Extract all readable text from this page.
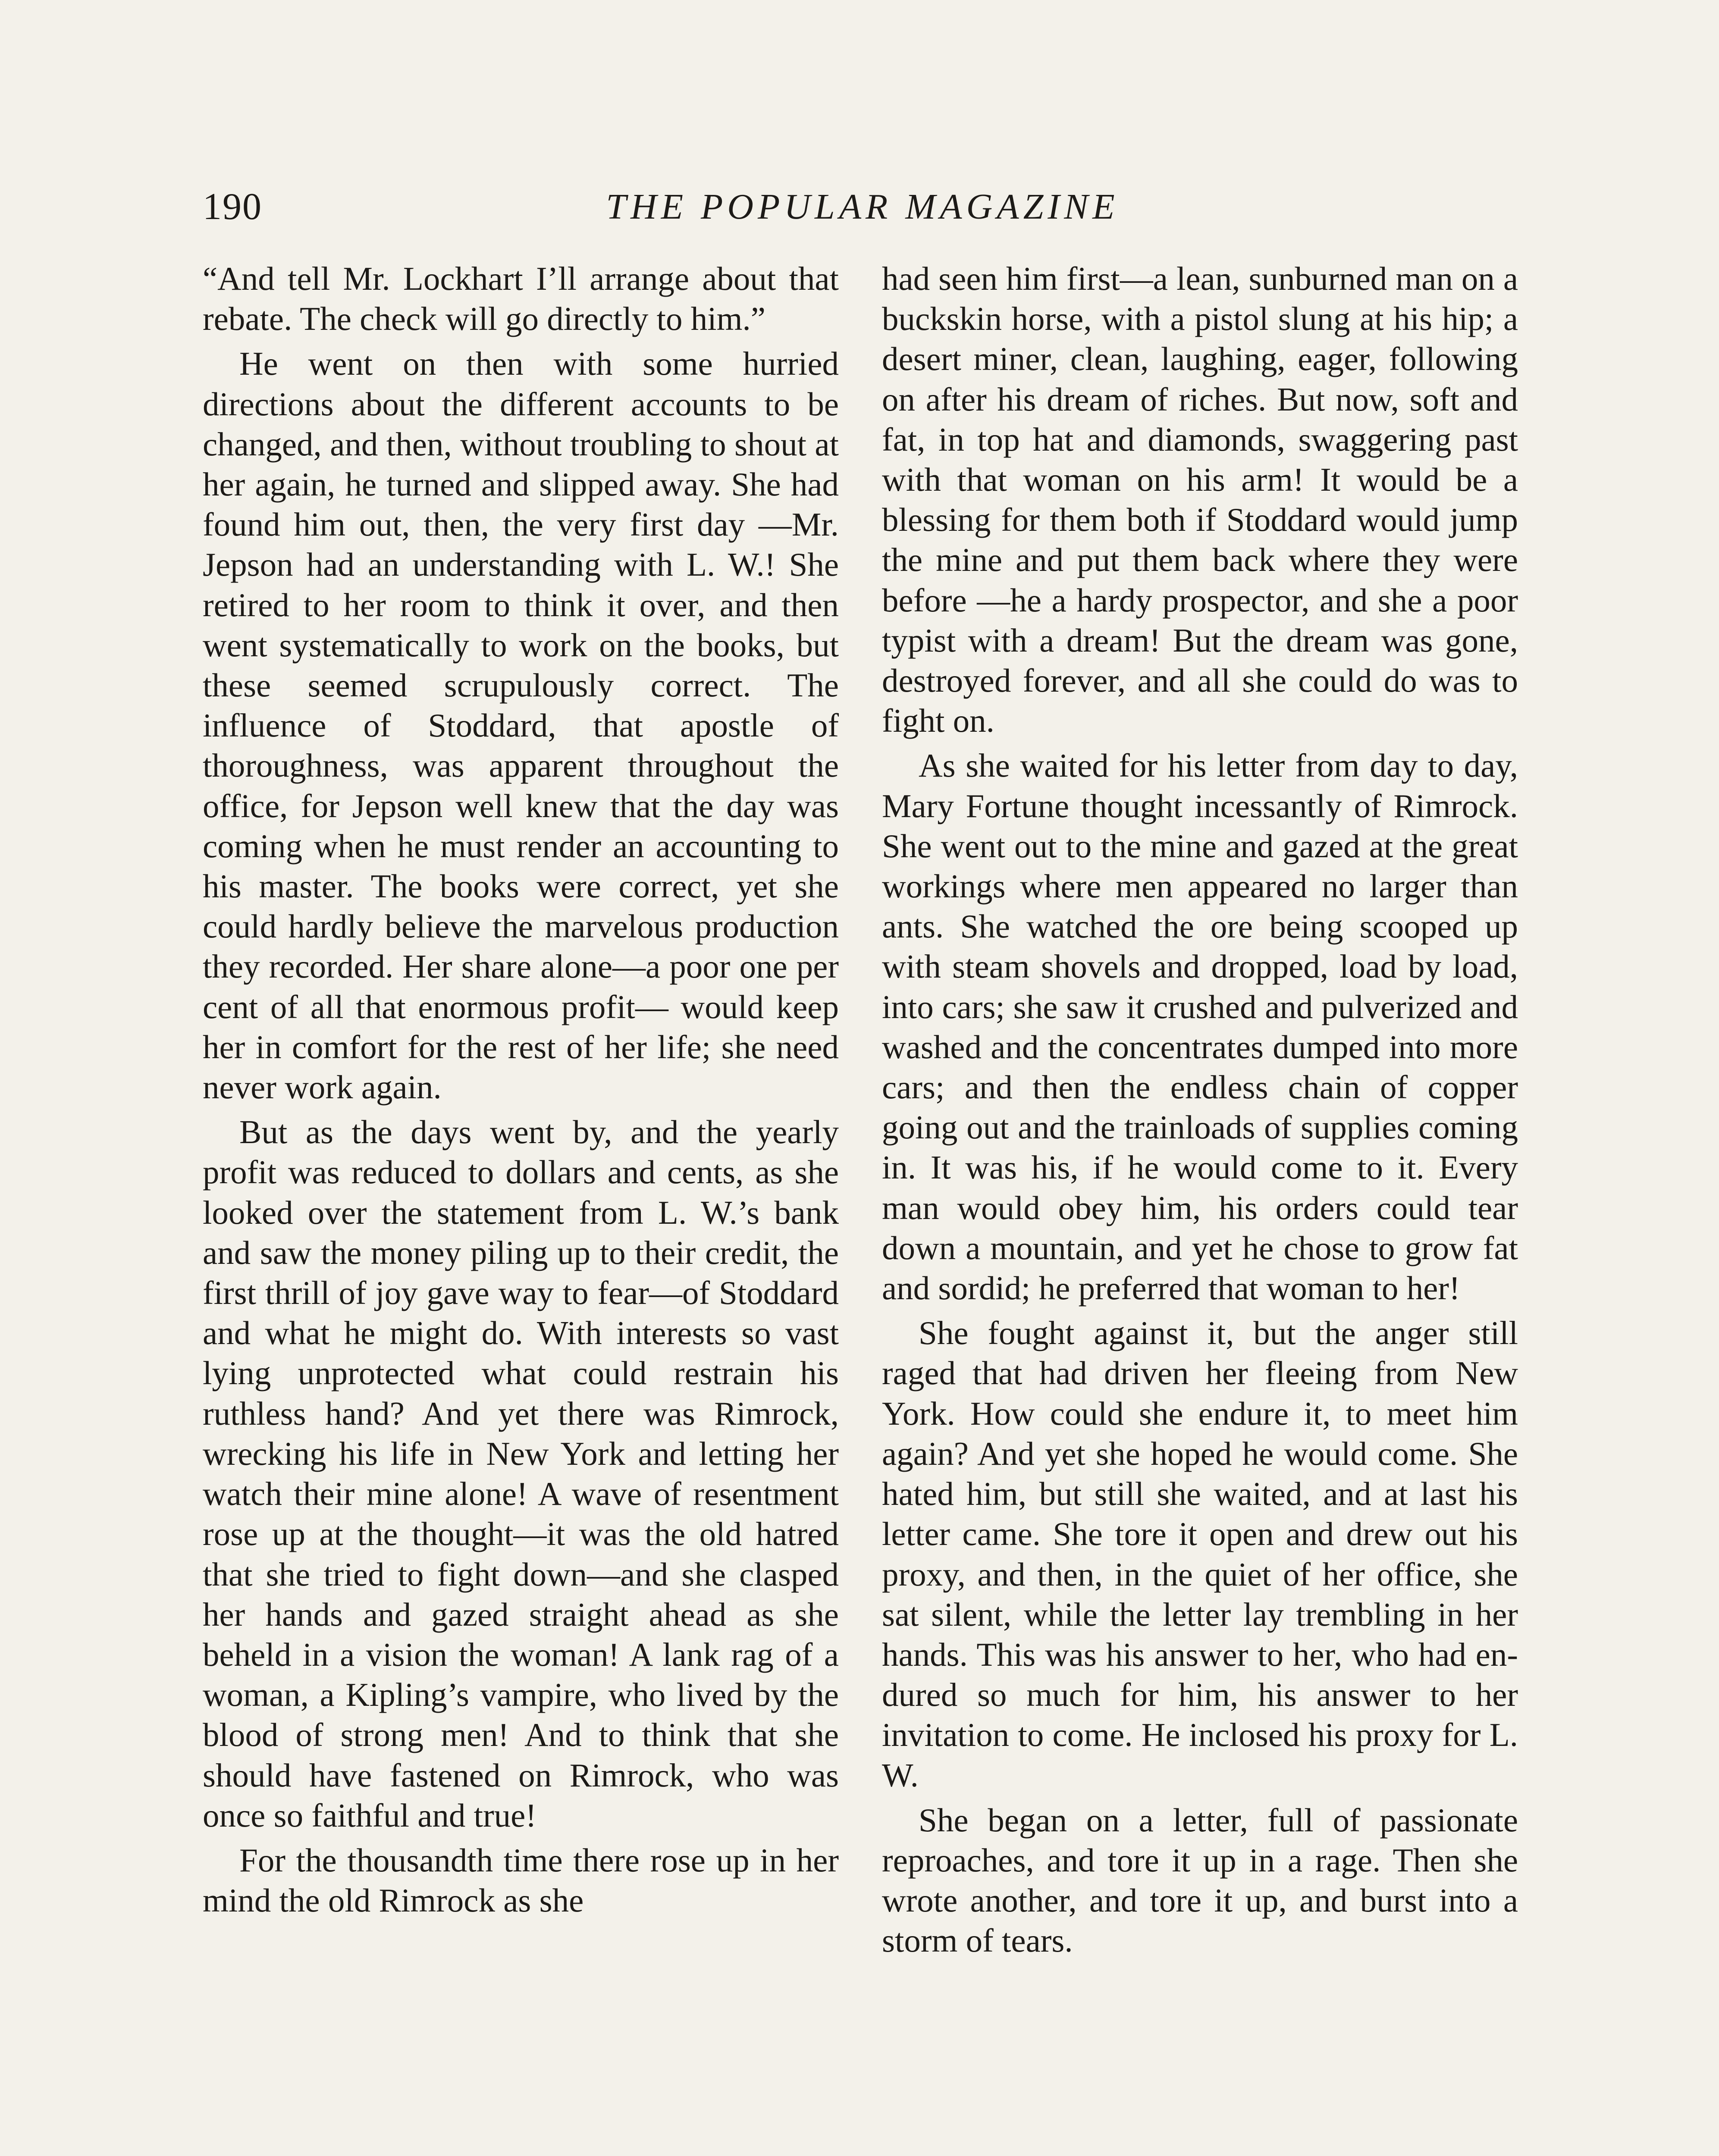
190	THE POPULAR MAGAZINE

“And tell Mr. Lockhart I’ll arrange about that rebate. The check will go directly to him.”

He went on then with some hurried directions about the different accounts to be changed, and then, without troubling to shout at her again, he turned and slipped away. She had found him out, then, the very first day —Mr. Jepson had an understanding with L. W.! She retired to her room to think it over, and then went systematically to work on the books, but these seemed scrupulously correct. The influence of Stoddard, that apostle of thoroughness, was apparent throughout the office, for Jepson well knew that the day was coming when he must render an accounting to his master. The books were correct, yet she could hardly believe the marvelous production they recorded. Her share alone—a poor one per cent of all that enormous profit— would keep her in comfort for the rest of her life; she need never work again.

But as the days went by, and the yearly profit was reduced to dollars and cents, as she looked over the statement from L. W.’s bank and saw the money piling up to their credit, the first thrill of joy gave way to fear—of Stoddard and what he might do. With interests so vast lying unprotected what could restrain his ruthless hand? And yet there was Rimrock, wrecking his life in New York and letting her watch their mine alone! A wave of resentment rose up at the thought—it was the old hatred that she tried to fight down—and she clasped her hands and gazed straight ahead as she beheld in a vision the woman! A lank rag of a woman, a Kipling’s vampire, who lived by the blood of strong men! And to think that she should have fastened on Rimrock, who was once so faithful and true!

For the thousandth time there rose up in her mind the old Rimrock as she

had seen him first—a lean, sunburned man on a buckskin horse, with a pistol slung at his hip; a desert miner, clean, laughing, eager, following on after his dream of riches. But now, soft and fat, in top hat and diamonds, swaggering past with that woman on his arm! It would be a blessing for them both if Stoddard would jump the mine and put them back where they were before —he a hardy prospector, and she a poor typist with a dream! But the dream was gone, destroyed forever, and all she could do was to fight on.

As she waited for his letter from day to day, Mary Fortune thought incessantly of Rimrock. She went out to the mine and gazed at the great workings where men appeared no larger than ants. She watched the ore being scooped up with steam shovels and dropped, load by load, into cars; she saw it crushed and pulverized and washed and the concentrates dumped into more cars; and then the endless chain of copper going out and the trainloads of supplies coming in. It was his, if he would come to it. Every man would obey him, his orders could tear down a mountain, and yet he chose to grow fat and sordid; he preferred that woman to her!

She fought against it, but the anger still raged that had driven her fleeing from New York. How could she endure it, to meet him again? And yet she hoped he would come. She hated him, but still she waited, and at last his letter came. She tore it open and drew out his proxy, and then, in the quiet of her office, she sat silent, while the letter lay trembling in her hands. This was his answer to her, who had endured so much for him, his answer to her invitation to come. He inclosed his proxy for L. W.

She began on a letter, full of passionate reproaches, and tore it up in a rage. Then she wrote another, and tore it up, and burst into a storm of tears.
